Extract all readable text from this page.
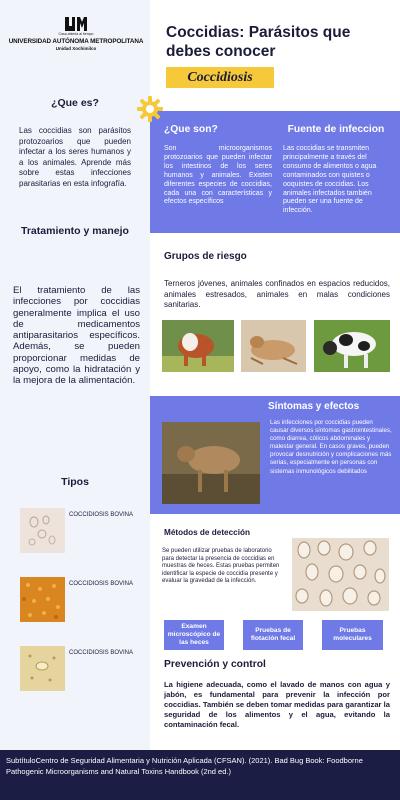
Casa abierta al tiempo
UNIVERSIDAD AUTÓNOMA METROPOLITANA
Unidad Xochimilco
¿Que es?
Las coccidias son parásitos protozoarios que pueden infectar a los seres humanos y a los animales. Aprende más sobre estas infecciones parasitarias en esta infografía.
Tratamiento y manejo
El tratamiento de las infecciones por coccidias generalmente implica el uso de medicamentos antiparasitarios específicos. Además, se pueden proporcionar medidas de apoyo, como la hidratación y la mejora de la alimentación.
Tipos
COCCIDIOSIS BOVINA
COCCIDIOSIS BOVINA
COCCIDIOSIS BOVINA
Coccidias: Parásitos que debes conocer
Coccidiosis
¿Que son?
Son microorganismos protozoarios que pueden infectar los intestinos de los seres humanos y animales. Existen diferentes especies de coccidias, cada una con características y efectos específicos
Fuente de infeccion
Las coccidias se transmiten principalmente a través del consumo de alimentos o agua contaminados con quistes o ooquistes de coccidias. Los animales infectados también pueden ser una fuente de infección.
Grupos de riesgo
Terneros jóvenes, animales confinados en espacios reducidos, animales estresados, animales en malas condiciones sanitarias.
Síntomas y efectos
Las infecciones por coccidias pueden causar diversos síntomas gastrointestinales, como diarrea, cólicos abdominales y malestar general. En casos graves, pueden provocar desnutrición y complicaciones más serias, especialmente en personas con sistemas inmunológicos debilitados
Métodos de detección
Se pueden utilizar pruebas de laboratorio para detectar la presencia de coccidias en muestras de heces. Estas pruebas permiten identificar la especie de coccidia presente y evaluar la gravedad de la infección.
Examen microscópico de las heces
Pruebas de flotación fecal
Pruebas moleculares
Prevención y control
La higiene adecuada, como el lavado de manos con agua y jabón, es fundamental para prevenir la infección por coccidias. También se deben tomar medidas para garantizar la seguridad de los alimentos y el agua, evitando la contaminación fecal.
SubtítuloCentro de Seguridad Alimentaria y Nutrición Aplicada (CFSAN). (2021). Bad Bug Book: Foodborne Pathogenic Microorganisms and Natural Toxins Handbook (2nd ed.)
